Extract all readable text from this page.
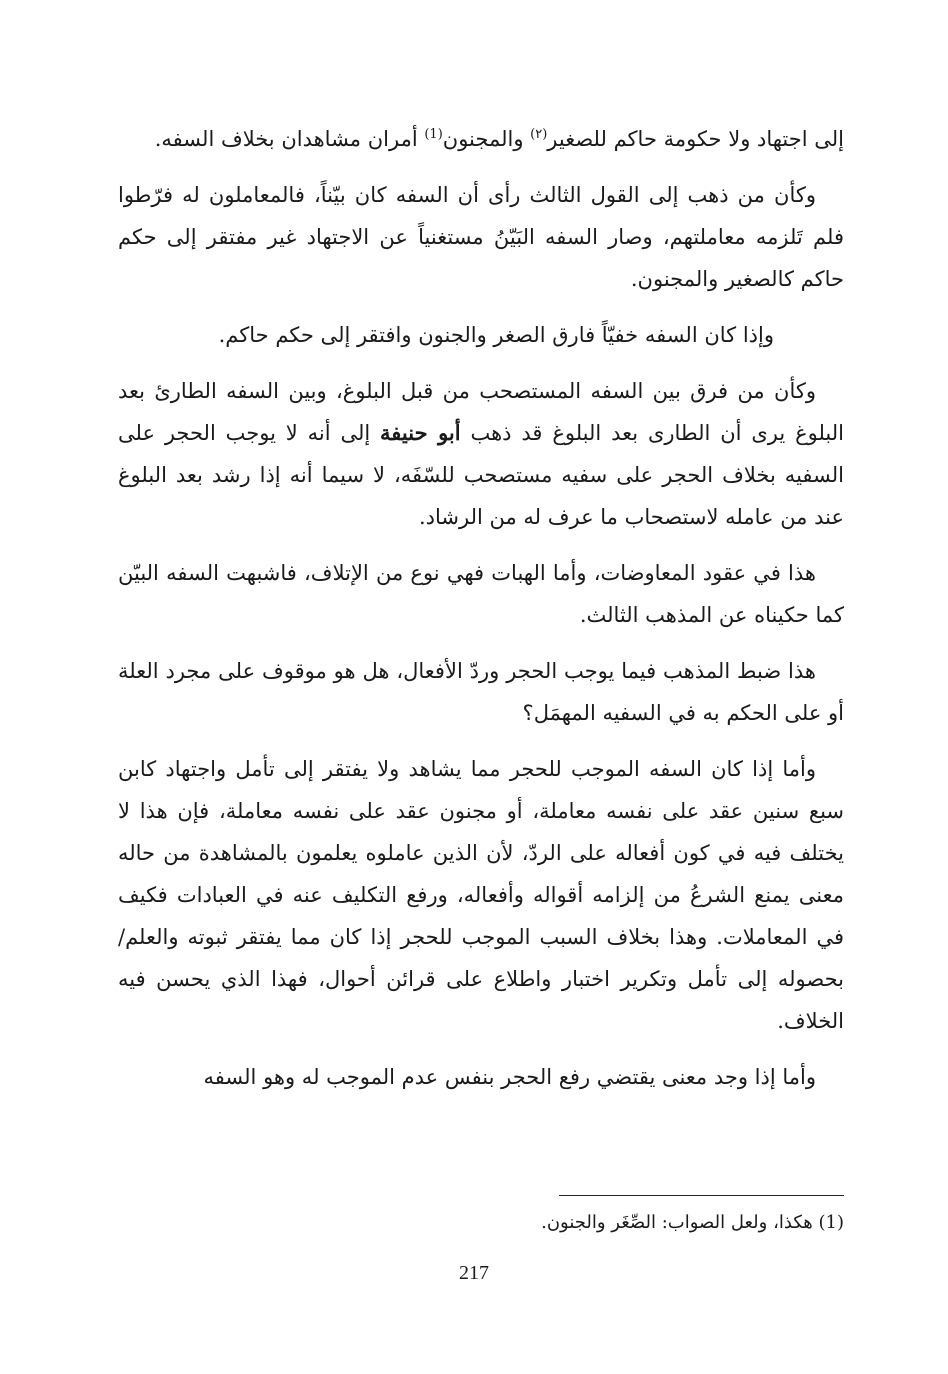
إلى اجتهاد ولا حكومة حاكم للصغير$^{(٢)}$ والمجنون$^{(1)}$ أمران مشاهدان بخلاف السفه.

وكأن من ذهب إلى القول الثالث رأى أن السفه كان بيّناً، فالمعاملون له فرّطوا فلم تَلزمه معاملتهم، وصار السفه البَيّنُ مستغنياً عن الاجتهاد غير مفتقر إلى حكم حاكم كالصغير والمجنون.

وإذا كان السفه خفيّاً فارق الصغر والجنون وافتقر إلى حكم حاكم.

وكأن من فرق بين السفه المستصحب من قبل البلوغ، وبين السفه الطارئ بعد البلوغ يرى أن الطارى بعد البلوغ قد ذهب أبو حنيفة إلى أنه لا يوجب الحجر على السفيه بخلاف الحجر على سفيه مستصحب للسّفَه، لا سيما أنه إذا رشد بعد البلوغ عند من عامله لاستصحاب ما عرف له من الرشاد.

هذا في عقود المعاوضات، وأما الهبات فهي نوع من الإتلاف، فاشبهت السفه البيّن كما حكيناه عن المذهب الثالث.

هذا ضبط المذهب فيما يوجب الحجر وردّ الأفعال، هل هو موقوف على مجرد العلة أو على الحكم به في السفيه المهمَل؟

وأما إذا كان السفه الموجب للحجر مما يشاهد ولا يفتقر إلى تأمل واجتهاد كابن سبع سنين عقد على نفسه معاملة، أو مجنون عقد على نفسه معاملة، فإن هذا لا يختلف فيه في كون أفعاله على الردّ، لأن الذين عاملوه يعلمون بالمشاهدة من حاله معنى يمنع الشرعُ من إلزامه أقواله وأفعاله، ورفع التكليف عنه في العبادات فكيف في المعاملات. وهذا بخلاف السبب الموجب للحجر إذا كان مما يفتقر ثبوته والعلم/ بحصوله إلى تأمل وتكرير اختبار واطلاع على قرائن أحوال، فهذا الذي يحسن فيه الخلاف.

وأما إذا وجد معنى يقتضي رفع الحجر بنفس عدم الموجب له وهو السفه

(1) هكذا، ولعل الصواب: الصِّغَر والجنون.
217
